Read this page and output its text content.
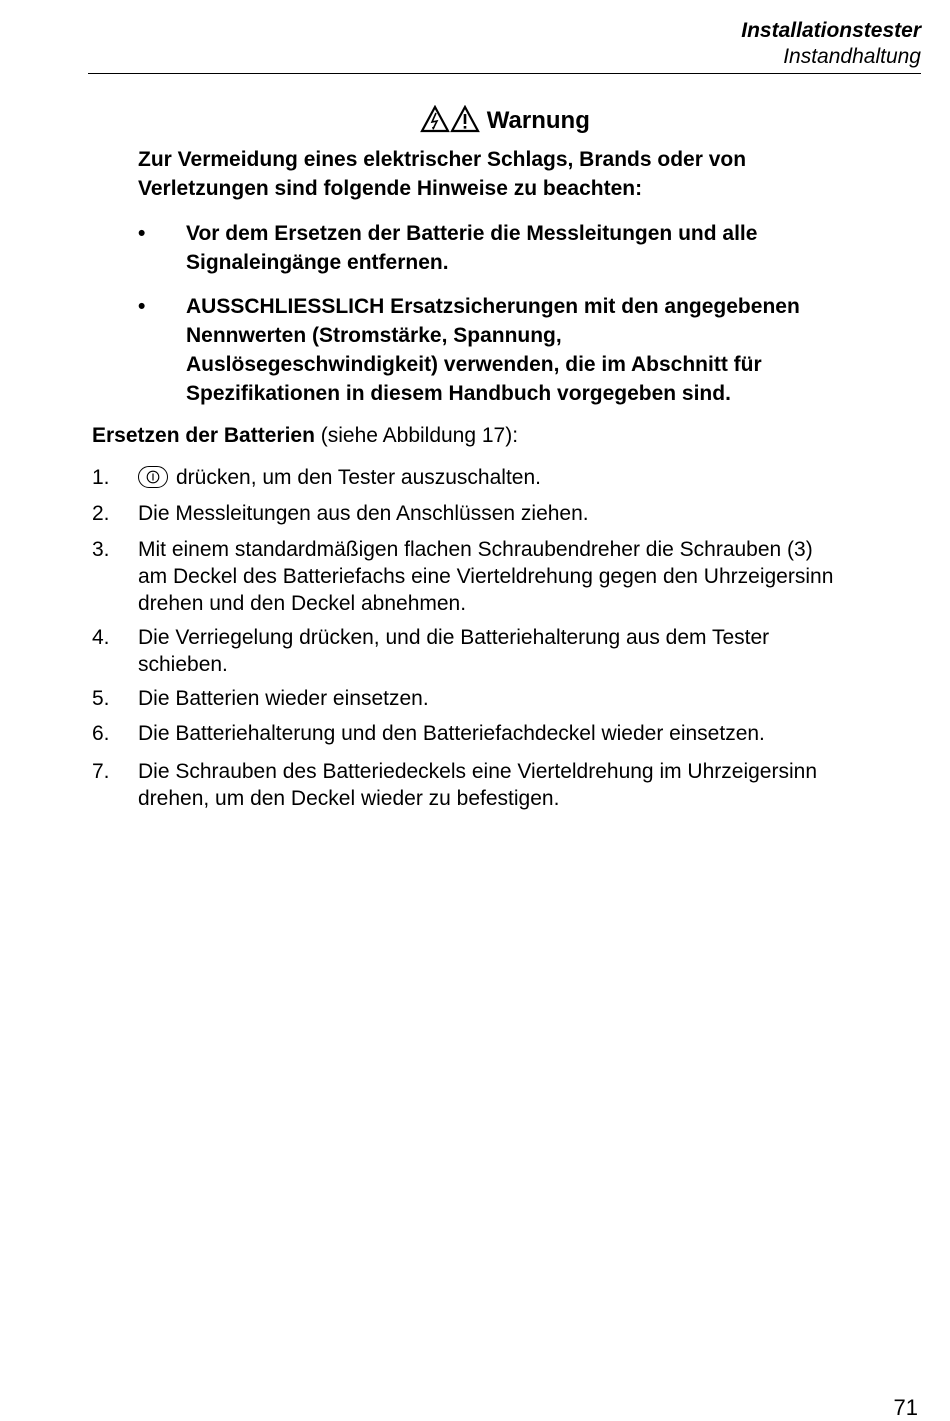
Installationstester
Instandhaltung
Warnung
Zur Vermeidung eines elektrischer Schlags, Brands oder von
Verletzungen sind folgende Hinweise zu beachten:
•	Vor dem Ersetzen der Batterie die Messleitungen und alle
Signaleingänge entfernen.
•	AUSSCHLIESSLICH Ersatzsicherungen mit den angegebenen
Nennwerten (Stromstärke, Spannung,
Auslösegeschwindigkeit) verwenden, die im Abschnitt für
Spezifikationen in diesem Handbuch vorgegeben sind.
Ersetzen der Batterien (siehe Abbildung 17):
1.	drücken, um den Tester auszuschalten.
2. Die Messleitungen aus den Anschlüssen ziehen.
3. Mit einem standardmäßigen flachen Schraubendreher die Schrauben (3)
am Deckel des Batteriefachs eine Vierteldrehung gegen den Uhrzeigersinn
drehen und den Deckel abnehmen.
4. Die Verriegelung drücken, und die Batteriehalterung aus dem Tester
schieben.
5. Die Batterien wieder einsetzen.
6. Die Batteriehalterung und den Batteriefachdeckel wieder einsetzen.
7. Die Schrauben des Batteriedeckels eine Vierteldrehung im Uhrzeigersinn
drehen, um den Deckel wieder zu befestigen.
71
